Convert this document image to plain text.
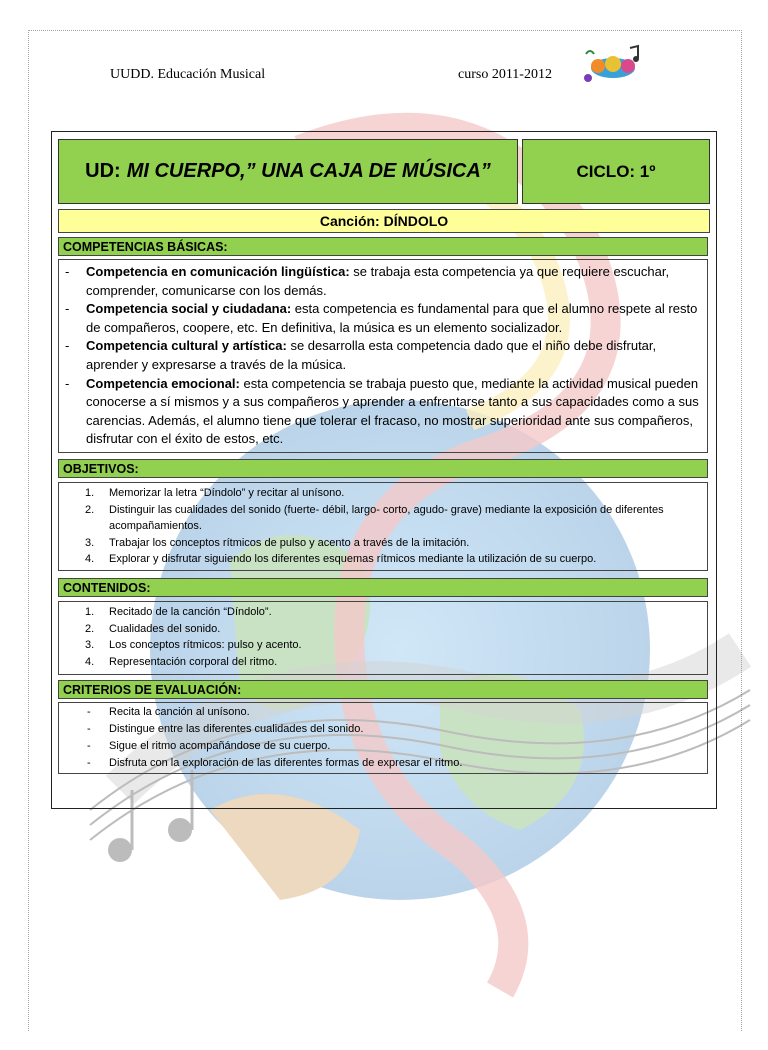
UUDD. Educación Musical	curso 2011-2012
UD: MI CUERPO,” UNA CAJA DE MÚSICA”	CICLO: 1º
Canción: DÍNDOLO
COMPETENCIAS BÁSICAS:
- Competencia en comunicación lingüística: se trabaja esta competencia ya que requiere escuchar, comprender, comunicarse con los demás.
- Competencia social y ciudadana: esta competencia es fundamental para que el alumno respete al resto de compañeros, coopere, etc. En definitiva, la música es un elemento socializador.
- Competencia cultural y artística: se desarrolla esta competencia dado que el niño debe disfrutar, aprender y expresarse a través de la música.
- Competencia emocional: esta competencia se trabaja puesto que, mediante la actividad musical pueden conocerse a sí mismos y a sus compañeros y aprender a enfrentarse tanto a sus capacidades como a sus carencias. Además, el alumno tiene que tolerar el fracaso, no mostrar superioridad ante sus compañeros, disfrutar con el éxito de estos, etc.
OBJETIVOS:
1. Memorizar la letra “Díndolo” y recitar al unísono.
2. Distinguir las cualidades del sonido (fuerte- débil, largo- corto, agudo- grave) mediante la exposición de diferentes acompañamientos.
3. Trabajar los conceptos rítmicos de pulso y acento a través de la imitación.
4. Explorar y disfrutar siguiendo los diferentes esquemas rítmicos mediante la utilización de su cuerpo.
CONTENIDOS:
1. Recitado de la canción “Díndolo”.
2. Cualidades del sonido.
3. Los conceptos rítmicos: pulso y acento.
4. Representación corporal del ritmo.
CRITERIOS DE EVALUACIÓN:
- Recita la canción al unísono.
- Distingue entre las diferentes cualidades del sonido.
- Sigue el ritmo acompañándose de su cuerpo.
- Disfruta con la exploración de las diferentes formas de expresar el ritmo.
